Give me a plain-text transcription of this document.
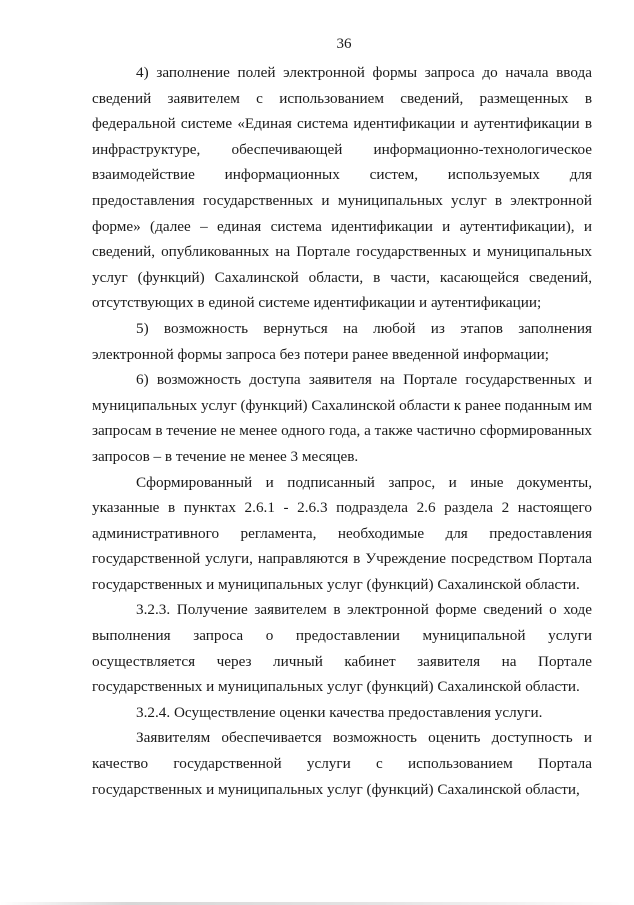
36

4) заполнение полей электронной формы запроса до начала ввода сведений заявителем с использованием сведений, размещенных в федеральной системе «Единая система идентификации и аутентификации в инфраструктуре, обеспечивающей информационно-технологическое взаимодействие информационных систем, используемых для предоставления государственных и муниципальных услуг в электронной форме» (далее – единая система идентификации и аутентификации), и сведений, опубликованных на Портале государственных и муниципальных услуг (функций) Сахалинской области, в части, касающейся сведений, отсутствующих в единой системе идентификации и аутентификации;

5) возможность вернуться на любой из этапов заполнения электронной формы запроса без потери ранее введенной информации;

6) возможность доступа заявителя на Портале государственных и муниципальных услуг (функций) Сахалинской области к ранее поданным им запросам в течение не менее одного года, а также частично сформированных запросов – в течение не менее 3 месяцев.

Сформированный и подписанный запрос, и иные документы, указанные в пунктах 2.6.1 - 2.6.3 подраздела 2.6 раздела 2 настоящего административного регламента, необходимые для предоставления государственной услуги, направляются в Учреждение посредством Портала государственных и муниципальных услуг (функций) Сахалинской области.

3.2.3. Получение заявителем в электронной форме сведений о ходе выполнения запроса о предоставлении муниципальной услуги осуществляется через личный кабинет заявителя на Портале государственных и муниципальных услуг (функций) Сахалинской области.

3.2.4. Осуществление оценки качества предоставления услуги.

Заявителям обеспечивается возможность оценить доступность и качество государственной услуги с использованием Портала государственных и муниципальных услуг (функций) Сахалинской области,
